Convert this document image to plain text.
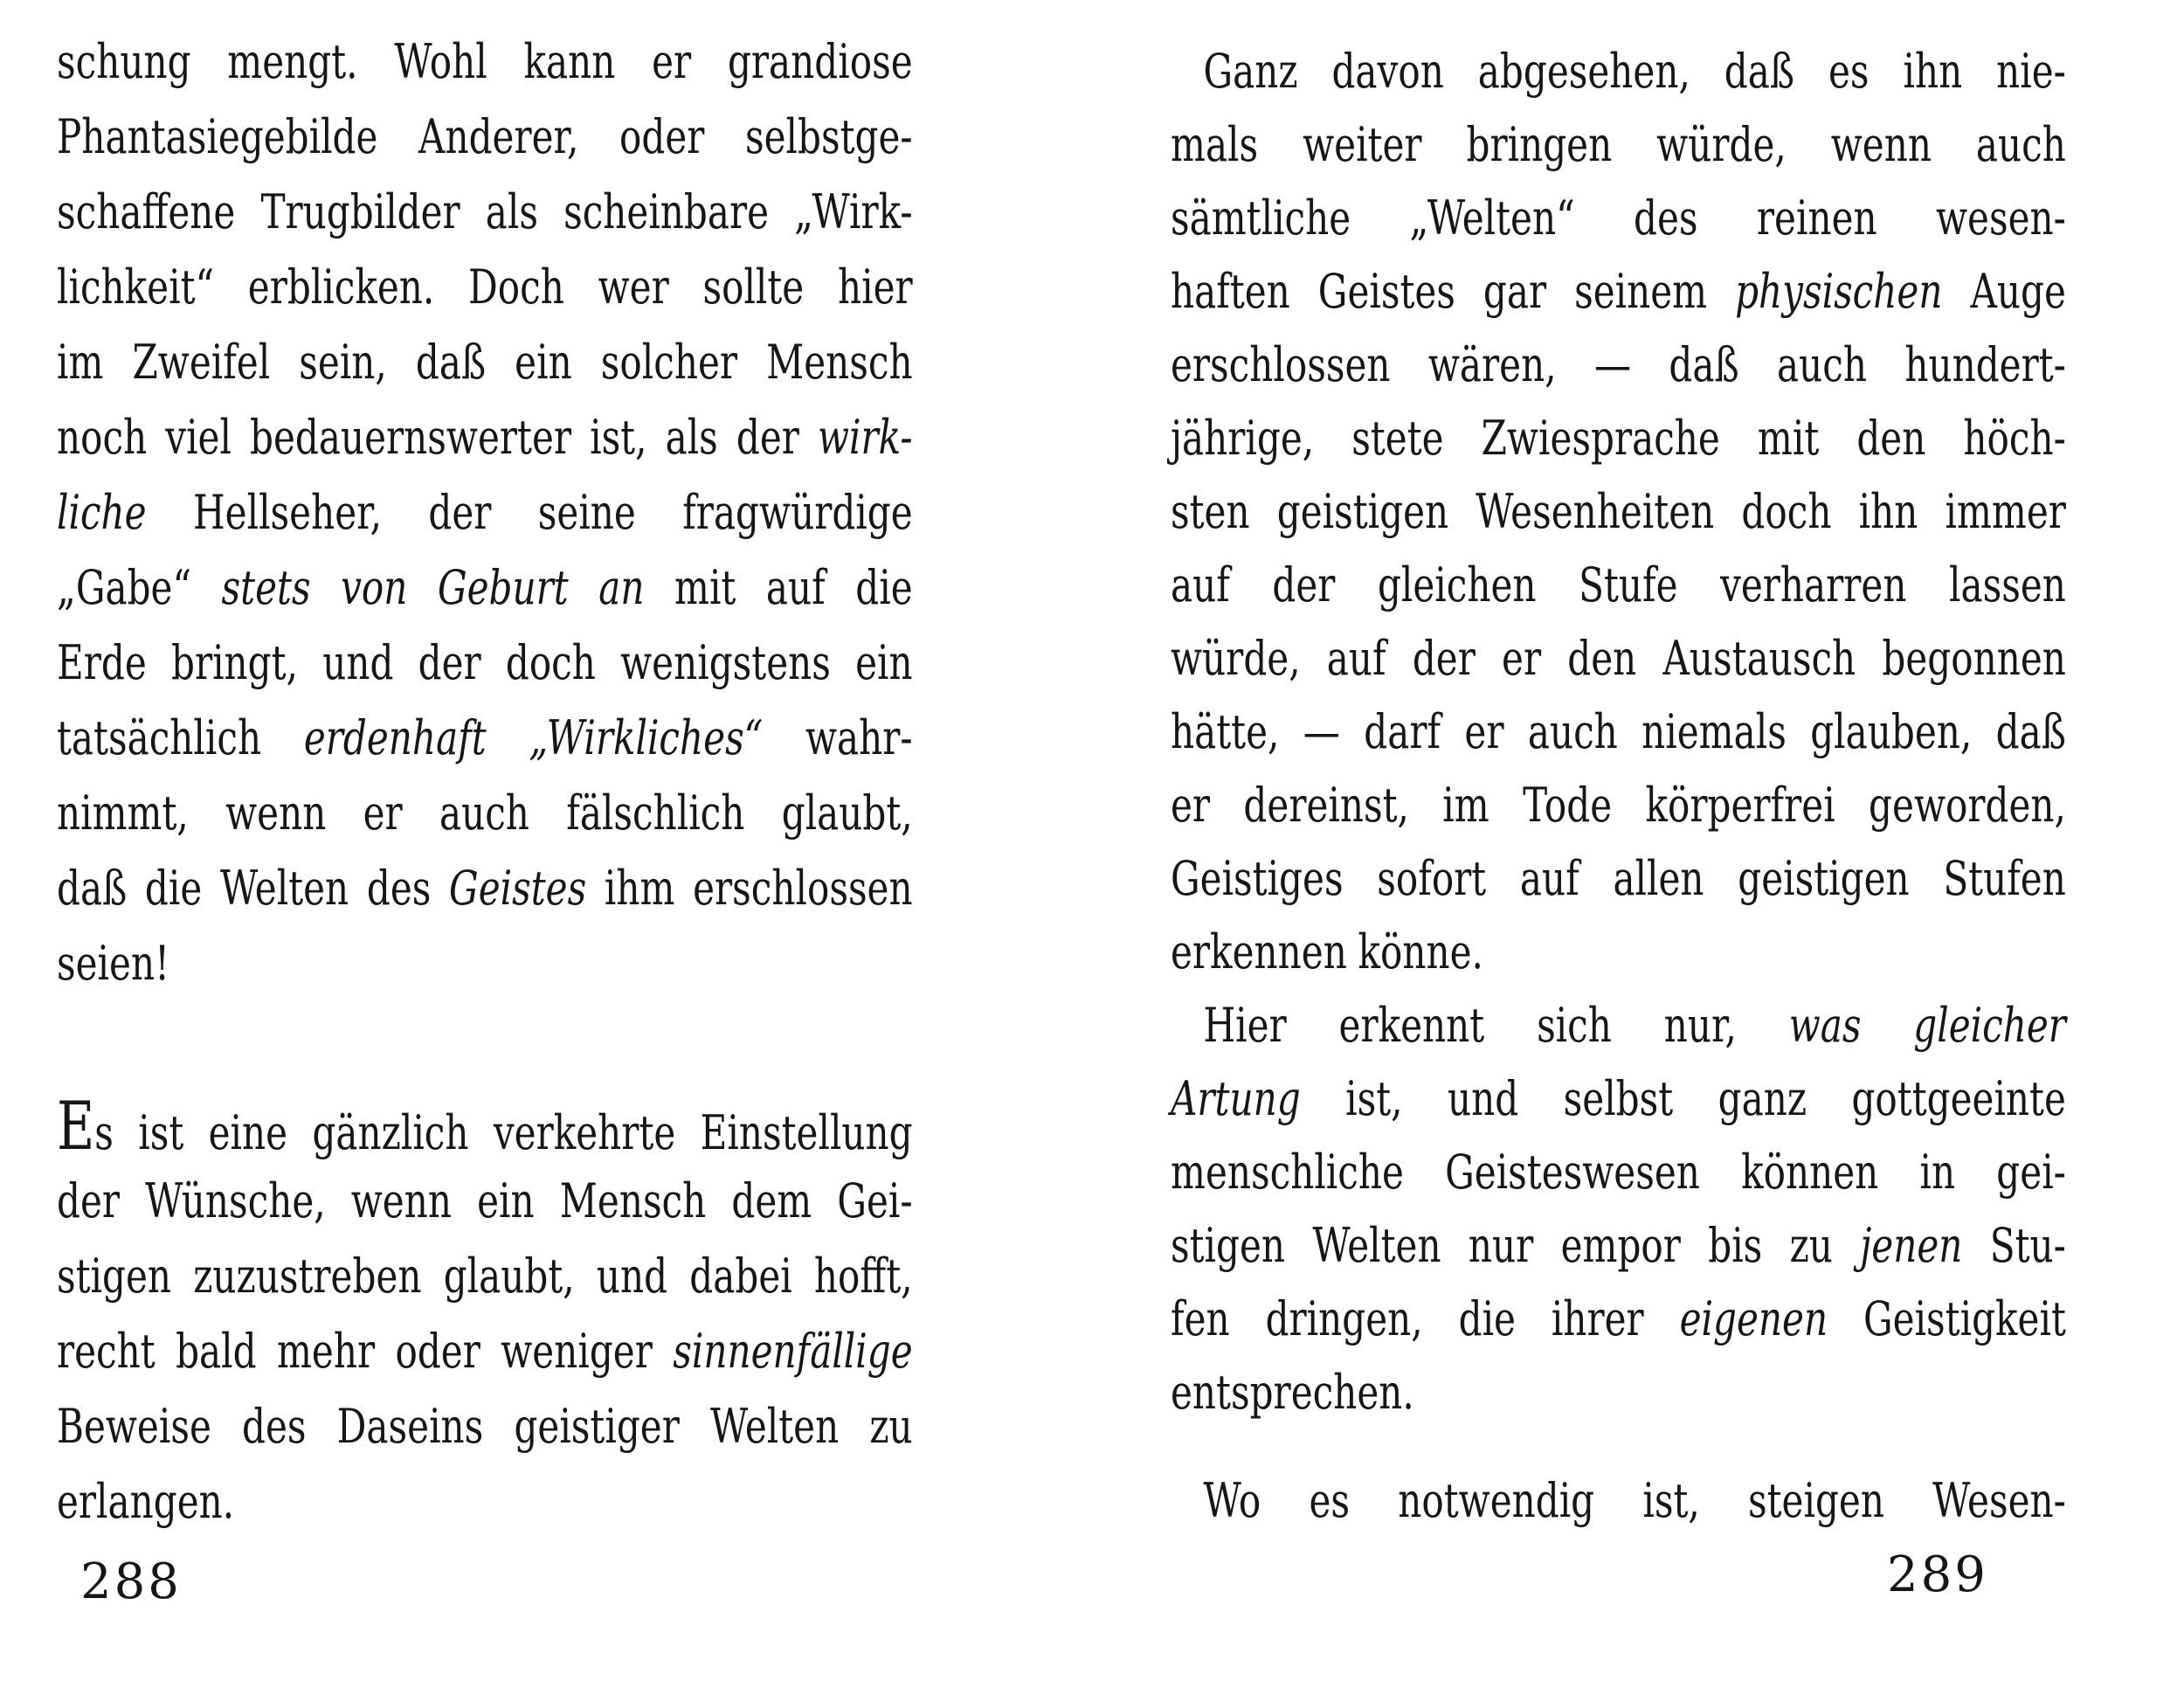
schung mengt. Wohl kann er grandiose
Phantasiegebilde Anderer, oder selbstge-
schaffene Trugbilder als scheinbare „Wirk-
lichkeit“ erblicken. Doch wer sollte hier
im Zweifel sein, daß ein solcher Mensch
noch viel bedauernswerter ist, als der wirk-
liche Hellseher, der seine fragwürdige
„Gabe“ stets von Geburt an mit auf die
Erde bringt, und der doch wenigstens ein
tatsächlich erdenhaft „Wirkliches“ wahr-
nimmt, wenn er auch fälschlich glaubt,
daß die Welten des Geistes ihm erschlossen
seien!
Es ist eine gänzlich verkehrte Einstellung
der Wünsche, wenn ein Mensch dem Gei-
stigen zuzustreben glaubt, und dabei hofft,
recht bald mehr oder weniger sinnenfällige
Beweise des Daseins geistiger Welten zu
erlangen.
Ganz davon abgesehen, daß es ihn nie-
mals weiter bringen würde, wenn auch
sämtliche „Welten“ des reinen wesen-
haften Geistes gar seinem physischen Auge
erschlossen wären, — daß auch hundert-
jährige, stete Zwiesprache mit den höch-
sten geistigen Wesenheiten doch ihn immer
auf der gleichen Stufe verharren lassen
würde, auf der er den Austausch begonnen
hätte, — darf er auch niemals glauben, daß
er dereinst, im Tode körperfrei geworden,
Geistiges sofort auf allen geistigen Stufen
erkennen könne.
Hier erkennt sich nur, was gleicher
Artung ist, und selbst ganz gottgeeinte
menschliche Geisteswesen können in gei-
stigen Welten nur empor bis zu jenen Stu-
fen dringen, die ihrer eigenen Geistigkeit
entsprechen.
Wo es notwendig ist, steigen Wesen-
288	289
